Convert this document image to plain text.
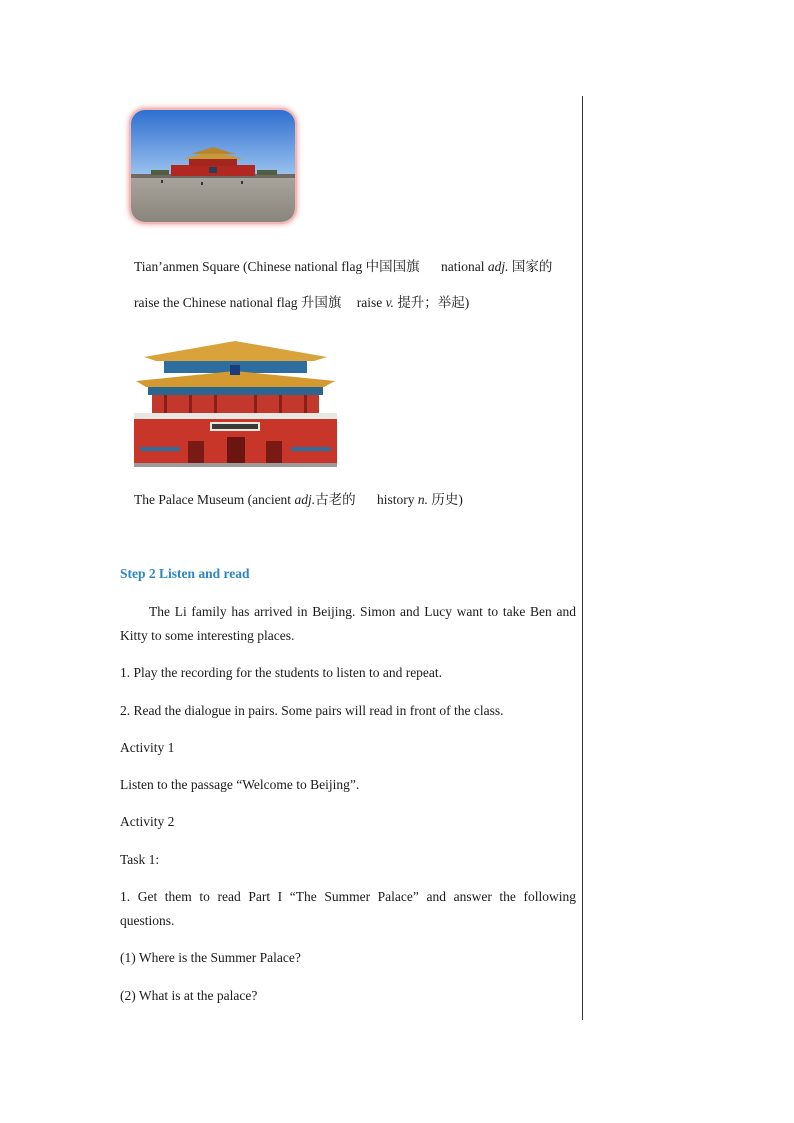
Tian’anmen Square (Chinese national flag 中国国旗 national adj. 国家的
raise the Chinese national flag 升国旗 raise v. 提升；举起)
The Palace Museum (ancient adj.古老的 history n. 历史)
Step 2 Listen and read
The Li family has arrived in Beijing. Simon and Lucy want to take Ben and Kitty to some interesting places.
1. Play the recording for the students to listen to and repeat.
2. Read the dialogue in pairs. Some pairs will read in front of the class.
Activity 1
Listen to the passage “Welcome to Beijing”.
Activity 2
Task 1:
1. Get them to read Part I “The Summer Palace” and answer the following questions.
(1) Where is the Summer Palace?
(2) What is at the palace?
